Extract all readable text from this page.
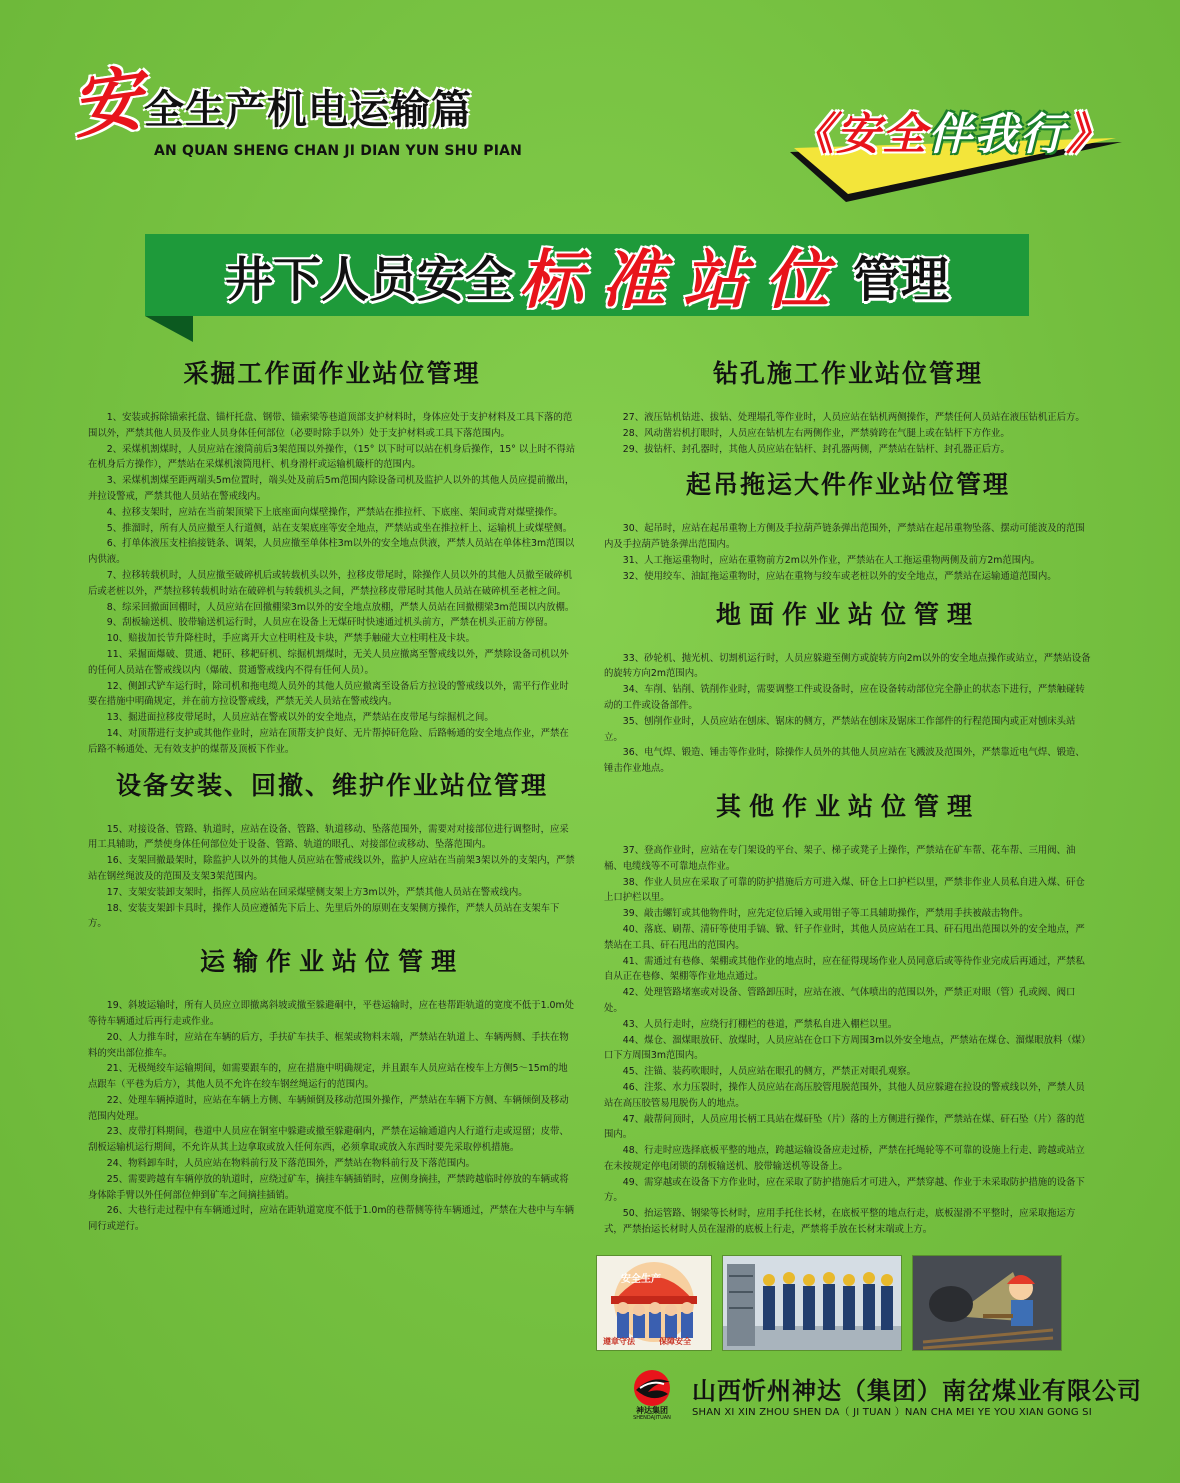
安
全生产机电运输篇
AN QUAN SHENG CHAN JI DIAN YUN SHU PIAN	《安全伴我行》
井下人员安全 标准站位 管理
采掘工作面作业站位管理

1、安装或拆除锚索托盘、锚杆托盘、钢带、锚索梁等巷道顶部支护材料时，身体应处于支护材料及工具下落的范围以外，严禁其他人员及作业人员身体任何部位（必要时除手以外）处于支护材料或工具下落范围内。

2、采煤机割煤时，人员应站在滚筒前后3架范围以外操作，（15° 以下时可以站在机身后操作，15° 以上时不得站在机身后方操作），严禁站在采煤机滚筒甩杆、机身滑杆或运输机簸杆的范围内。

3、采煤机割煤至距两端头5m位置时，端头处及前后5m范围内除设备司机及监护人以外的其他人员应提前撤出，并拉设警戒，严禁其他人员站在警戒线内。

4、拉移支架时，应站在当前架顶梁下上底座面向煤壁操作，严禁站在推拉杆、下底座、架间或背对煤壁操作。

5、推溜时，所有人员应撤至人行道侧，站在支架底座等安全地点，严禁站或坐在推拉杆上、运输机上或煤壁侧。

6、打单体液压支柱掐接链条、调架，人员应撤至单体柱3m以外的安全地点供液，严禁人员站在单体柱3m范围以内供液。

7、拉移转载机时，人员应撤至破碎机后或转载机头以外，拉移皮带尾时，除操作人员以外的其他人员撤至破碎机后或老桩以外，严禁拉移转载机时站在破碎机与转载机头之间，严禁拉移皮带尾时其他人员站在破碎机至老桩之间。

8、综采回撤面回棚时，人员应站在回撤棚梁3m以外的安全地点放棚，严禁人员站在回撤棚梁3m范围以内放棚。

9、刮板输送机、胶带输送机运行时，人员应在设备上无煤矸时快速通过机头前方，严禁在机头正前方停留。

10、赔拔加长节升降柱时，手应离开大立柱明柱及卡块，严禁手触碰大立柱明柱及卡块。

11、采掘面爆破、贯通、耙矸、移耙矸机、综掘机割煤时，无关人员应撤离至警戒线以外，严禁除设备司机以外的任何人员站在警戒线以内（爆破、贯通警戒线内不得有任何人员）。

12、侧卸式铲车运行时，除司机和拖电缆人员外的其他人员应撤离至设备后方拉设的警戒线以外，需平行作业时要在措施中明确规定，并在前方拉设警戒线，严禁无关人员站在警戒线内。

13、掘进面拉移皮带尾时，人员应站在警戒以外的安全地点，严禁站在皮带尾与综掘机之间。

14、对顶帮进行支护或其他作业时，应站在顶帮支护良好、无片帮掉矸危险、后路畅通的安全地点作业，严禁在后路不畅通处、无有效支护的煤帮及顶板下作业。

设备安装、回撤、维护作业站位管理

15、对接设备、管路、轨道时，应站在设备、管路、轨道移动、坠落范围外，需要对对接部位进行调整时，应采用工具辅助，严禁使身体任何部位处于设备、管路、轨道的眼孔、对接部位或移动、坠落范围内。

16、支架回撤最架时，除监护人以外的其他人员应站在警戒线以外，监护人应站在当前架3架以外的支架内，严禁站在钢丝绳波及的范围及支架3架范围内。

17、支架安装卸支架时，指挥人员应站在回采煤壁侧支架上方3m以外，严禁其他人员站在警戒线内。

18、安装支架卸卡具时，操作人员应遵循先下后上、先里后外的原则在支架侧方操作，严禁人员站在支架车下方。

运输作业站位管理

19、斜坡运输时，所有人员应立即撤离斜坡或撤至躲避硐中，平巷运输时，应在巷帮距轨道的宽度不低于1.0m处等待车辆通过后再行走或作业。

20、人力推车时，应站在车辆的后方，手扶矿车扶手、框架或物料末端，严禁站在轨道上、车辆两侧、手扶在物料的突出部位推车。

21、无极绳绞车运输期间，如需要跟车的，应在措施中明确规定，并且跟车人员应站在梭车上方侧5～15m的地点跟车（平巷为后方），其他人员不允许在绞车钢丝绳运行的范围内。

22、处理车辆掉道时，应站在车辆上方侧、车辆倾倒及移动范围外操作，严禁站在车辆下方侧、车辆倾倒及移动范围内处理。

23、皮带打料期间，巷道中人员应在铜室中躲避或撤至躲避硐内，严禁在运输通道内人行道行走或逗留；皮带、刮板运输机运行期间，不允许从其上边拿取或放入任何东西，必须拿取或放入东西时要先采取停机措施。

24、物料卸车时，人员应站在物料前行及下落范围外，严禁站在物料前行及下落范围内。

25、需要跨越有车辆停放的轨道时，应绕过矿车，摘挂车辆插销时，应侧身摘挂，严禁跨越临时停放的车辆或将身体除手臂以外任何部位伸到矿车之间摘挂插销。

26、大巷行走过程中有车辆通过时，应站在距轨道宽度不低于1.0m的巷帮侧等待车辆通过，严禁在大巷中与车辆同行或逆行。

钻孔施工作业站位管理

27、液压钻机钻进、拔钻、处理塌孔等作业时，人员应站在钻机两侧操作，严禁任何人员站在液压钻机正后方。

28、风动凿岩机打眼时，人员应在钻机左右两侧作业，严禁骑跨在气腿上或在钻杆下方作业。

29、拔钻杆、封孔器时，其他人员应站在钻杆、封孔器两侧，严禁站在钻杆、封孔器正后方。

起吊拖运大件作业站位管理

30、起吊时，应站在起吊重物上方侧及手拉葫芦链条弹出范围外，严禁站在起吊重物坠落、摆动可能波及的范围内及手拉葫芦链条弹出范围内。

31、人工拖运重物时，应站在重物前方2m以外作业，严禁站在人工拖运重物两侧及前方2m范围内。

32、使用绞车、油缸拖运重物时，应站在重物与绞车或老桩以外的安全地点，严禁站在运输通道范围内。

地面作业站位管理

33、砂轮机、抛光机、切割机运行时，人员应躲避至侧方或旋转方向2m以外的安全地点操作或站立，严禁站设备的旋转方向2m范围内。

34、车削、钻削、铣削作业时，需要调整工件或设备时，应在设备转动部位完全静止的状态下进行，严禁触碰转动的工件或设备部件。

35、刨削作业时，人员应站在刨床、锯床的侧方，严禁站在刨床及锯床工作部件的行程范围内或正对刨床头站立。

36、电气焊、锻造、锤击等作业时，除操作人员外的其他人员应站在飞溅波及范围外，严禁靠近电气焊、锻造、锤击作业地点。

其他作业站位管理

37、登高作业时，应站在专门架设的平台、架子、梯子或凳子上操作，严禁站在矿车帮、花车帮、三用阀、油桶、电缆线等不可靠地点作业。

38、作业人员应在采取了可靠的防护措施后方可进入煤、矸仓上口护栏以里，严禁非作业人员私自进入煤、矸仓上口护栏以里。

39、敲击螺钉或其他物件时，应先定位后锤入或用钳子等工具辅助操作，严禁用手扶被敲击物件。

40、落底、刷帮、清矸等使用手镐、锨、钎子作业时，其他人员应站在工具、矸石甩出范围以外的安全地点，严禁站在工具、矸石甩出的范围内。

41、需通过有巷修、架棚或其他作业的地点时，应在征得现场作业人员同意后或等待作业完成后再通过，严禁私自从正在巷修、架棚等作业地点通过。

42、处理管路堵塞或对设备、管路卸压时，应站在液、气体喷出的范围以外，严禁正对眼（管）孔或阀、阀口处。

43、人员行走时，应绕行打棚栏的巷道，严禁私自进入棚栏以里。

44、煤仓、溜煤眼放矸、放煤时，人员应站在仓口下方周围3m以外安全地点，严禁站在煤仓、溜煤眼放料（煤）口下方周围3m范围内。

45、注锚、装药吹眼时，人员应站在眼孔的侧方，严禁正对眼孔观察。

46、注浆、水力压裂时，操作人员应站在高压胶管甩脱范围外，其他人员应躲避在拉设的警戒线以外，严禁人员站在高压胶管易甩脱伤人的地点。

47、敲帮问顶时，人员应用长柄工具站在煤矸坠（片）落的上方侧进行操作，严禁站在煤、矸石坠（片）落的范围内。

48、行走时应选择底板平整的地点，跨越运输设备应走过桥，严禁在托绳轮等不可靠的设施上行走、跨越或站立在未按规定停电闭锁的刮板输送机、胶带输送机等设备上。

49、需穿越或在设备下方作业时，应在采取了防护措施后才可进入，严禁穿越、作业于未采取防护措施的设备下方。

50、抬运管路、钢梁等长材时，应用手托住长材，在底板平整的地点行走，底板湿滑不平整时，应采取拖运方式，严禁抬运长材时人员在湿滑的底板上行走，严禁将手放在长材末端或上方。

安全生产
遵章守法	保障安全
神达集团
SHENDAJITUAN
山西忻州神达（集团）南岔煤业有限公司
SHAN XI XIN ZHOU SHEN DA（ JI TUAN ）NAN CHA MEI YE YOU XIAN GONG SI
